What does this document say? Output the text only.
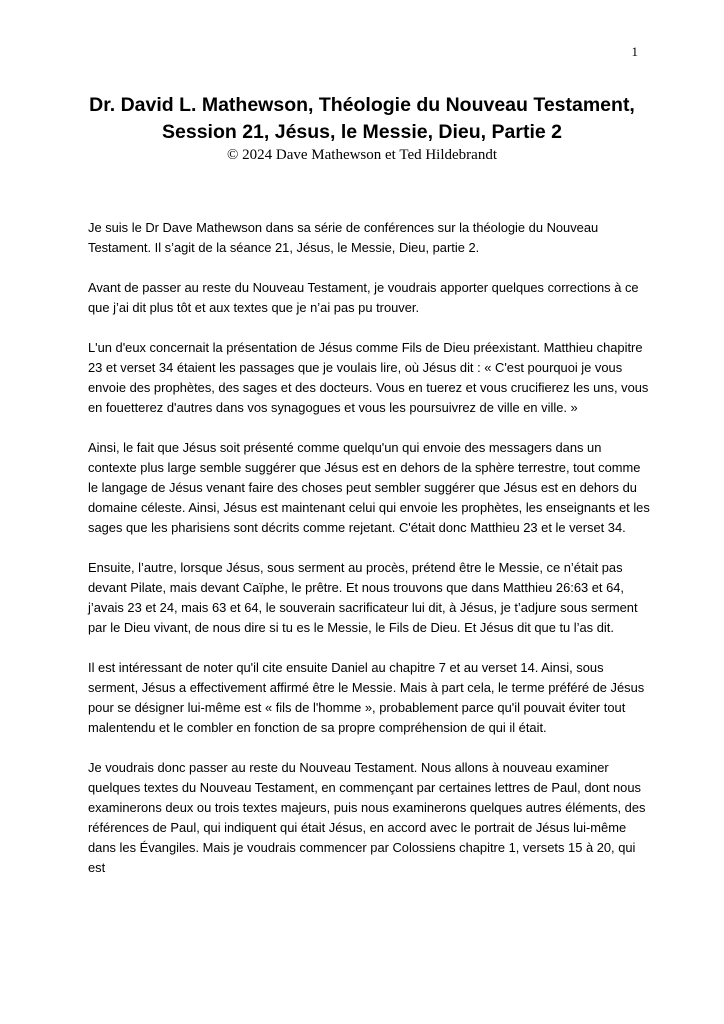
1
Dr. David L. Mathewson, Théologie du Nouveau Testament,
Session 21, Jésus, le Messie, Dieu, Partie 2

© 2024 Dave Mathewson et Ted Hildebrandt

Je suis le Dr Dave Mathewson dans sa série de conférences sur la théologie du Nouveau Testament. Il s’agit de la séance 21, Jésus, le Messie, Dieu, partie 2.

Avant de passer au reste du Nouveau Testament, je voudrais apporter quelques corrections à ce que j’ai dit plus tôt et aux textes que je n’ai pas pu trouver.

L'un d'eux concernait la présentation de Jésus comme Fils de Dieu préexistant. Matthieu chapitre 23 et verset 34 étaient les passages que je voulais lire, où Jésus dit : « C'est pourquoi je vous envoie des prophètes, des sages et des docteurs. Vous en tuerez et vous crucifierez les uns, vous en fouetterez d'autres dans vos synagogues et vous les poursuivrez de ville en ville. »

Ainsi, le fait que Jésus soit présenté comme quelqu'un qui envoie des messagers dans un contexte plus large semble suggérer que Jésus est en dehors de la sphère terrestre, tout comme le langage de Jésus venant faire des choses peut sembler suggérer que Jésus est en dehors du domaine céleste. Ainsi, Jésus est maintenant celui qui envoie les prophètes, les enseignants et les sages que les pharisiens sont décrits comme rejetant. C'était donc Matthieu 23 et le verset 34.

Ensuite, l’autre, lorsque Jésus, sous serment au procès, prétend être le Messie, ce n’était pas devant Pilate, mais devant Caïphe, le prêtre. Et nous trouvons que dans Matthieu 26:63 et 64, j’avais 23 et 24, mais 63 et 64, le souverain sacrificateur lui dit, à Jésus, je t’adjure sous serment par le Dieu vivant, de nous dire si tu es le Messie, le Fils de Dieu. Et Jésus dit que tu l’as dit.

Il est intéressant de noter qu'il cite ensuite Daniel au chapitre 7 et au verset 14. Ainsi, sous serment, Jésus a effectivement affirmé être le Messie. Mais à part cela, le terme préféré de Jésus pour se désigner lui-même est « fils de l'homme », probablement parce qu'il pouvait éviter tout malentendu et le combler en fonction de sa propre compréhension de qui il était.

Je voudrais donc passer au reste du Nouveau Testament. Nous allons à nouveau examiner quelques textes du Nouveau Testament, en commençant par certaines lettres de Paul, dont nous examinerons deux ou trois textes majeurs, puis nous examinerons quelques autres éléments, des références de Paul, qui indiquent qui était Jésus, en accord avec le portrait de Jésus lui-même dans les Évangiles. Mais je voudrais commencer par Colossiens chapitre 1, versets 15 à 20, qui est
